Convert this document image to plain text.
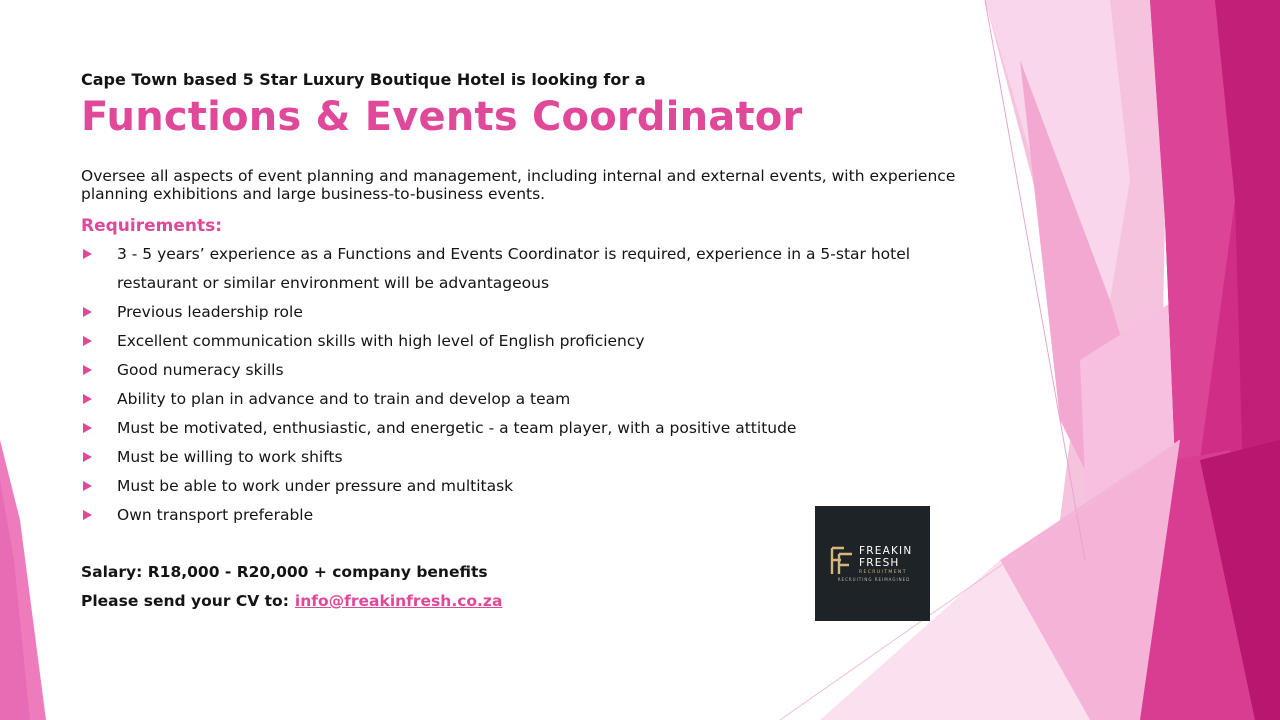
Cape Town based 5 Star Luxury Boutique Hotel is looking for a
Functions & Events Coordinator
Oversee all aspects of event planning and management, including internal and external events, with experience planning exhibitions and large business-to-business events.
Requirements:
3 - 5 years’ experience as a Functions and Events Coordinator is required, experience in a 5-star hotel restaurant or similar environment will be advantageous
Previous leadership role
Excellent communication skills with high level of English proficiency
Good numeracy skills
Ability to plan in advance and to train and develop a team
Must be motivated, enthusiastic, and energetic - a team player, with a positive attitude
Must be willing to work shifts
Must be able to work under pressure and multitask
Own transport preferable
Salary: R18,000 - R20,000 + company benefits
Please send your CV to: info@freakinfresh.co.za
FREAKIN
FRESH
RECRUITMENT
RECRUITING REIMAGINED
